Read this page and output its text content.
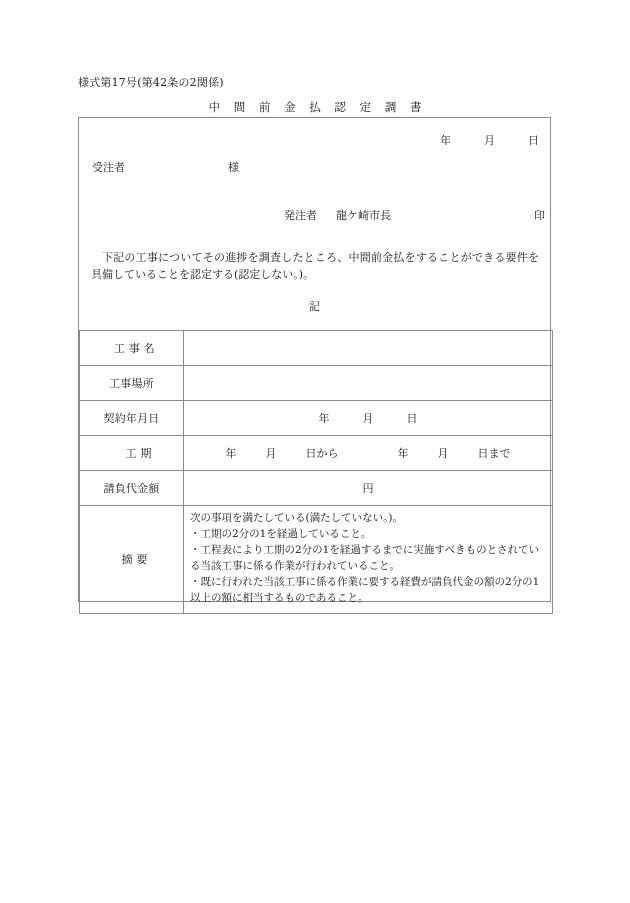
様式第17号(第42条の2関係)
中 間 前 金 払 認 定 調 書
年	月	日
受注者	様
発注者 龍ケ崎市長	印
下記の工事についてその進捗を調査したところ、中間前金払をすることができる要件を具備していることを認定する(認定しない。)。
記
工 事 名	
工事場所	
契約年月日	年 月 日
工 期	年 月 日から 年 月 日まで
請負代金額	円
摘 要	次の事項を満たしている(満たしていない。)。
・工期の2分の1を経過していること。
・工程表により工期の2分の1を経過するまでに実施すべきものとされている当該工事に係る作業が行われていること。
・既に行われた当該工事に係る作業に要する経費が請負代金の額の2分の1以上の額に相当するものであること。
